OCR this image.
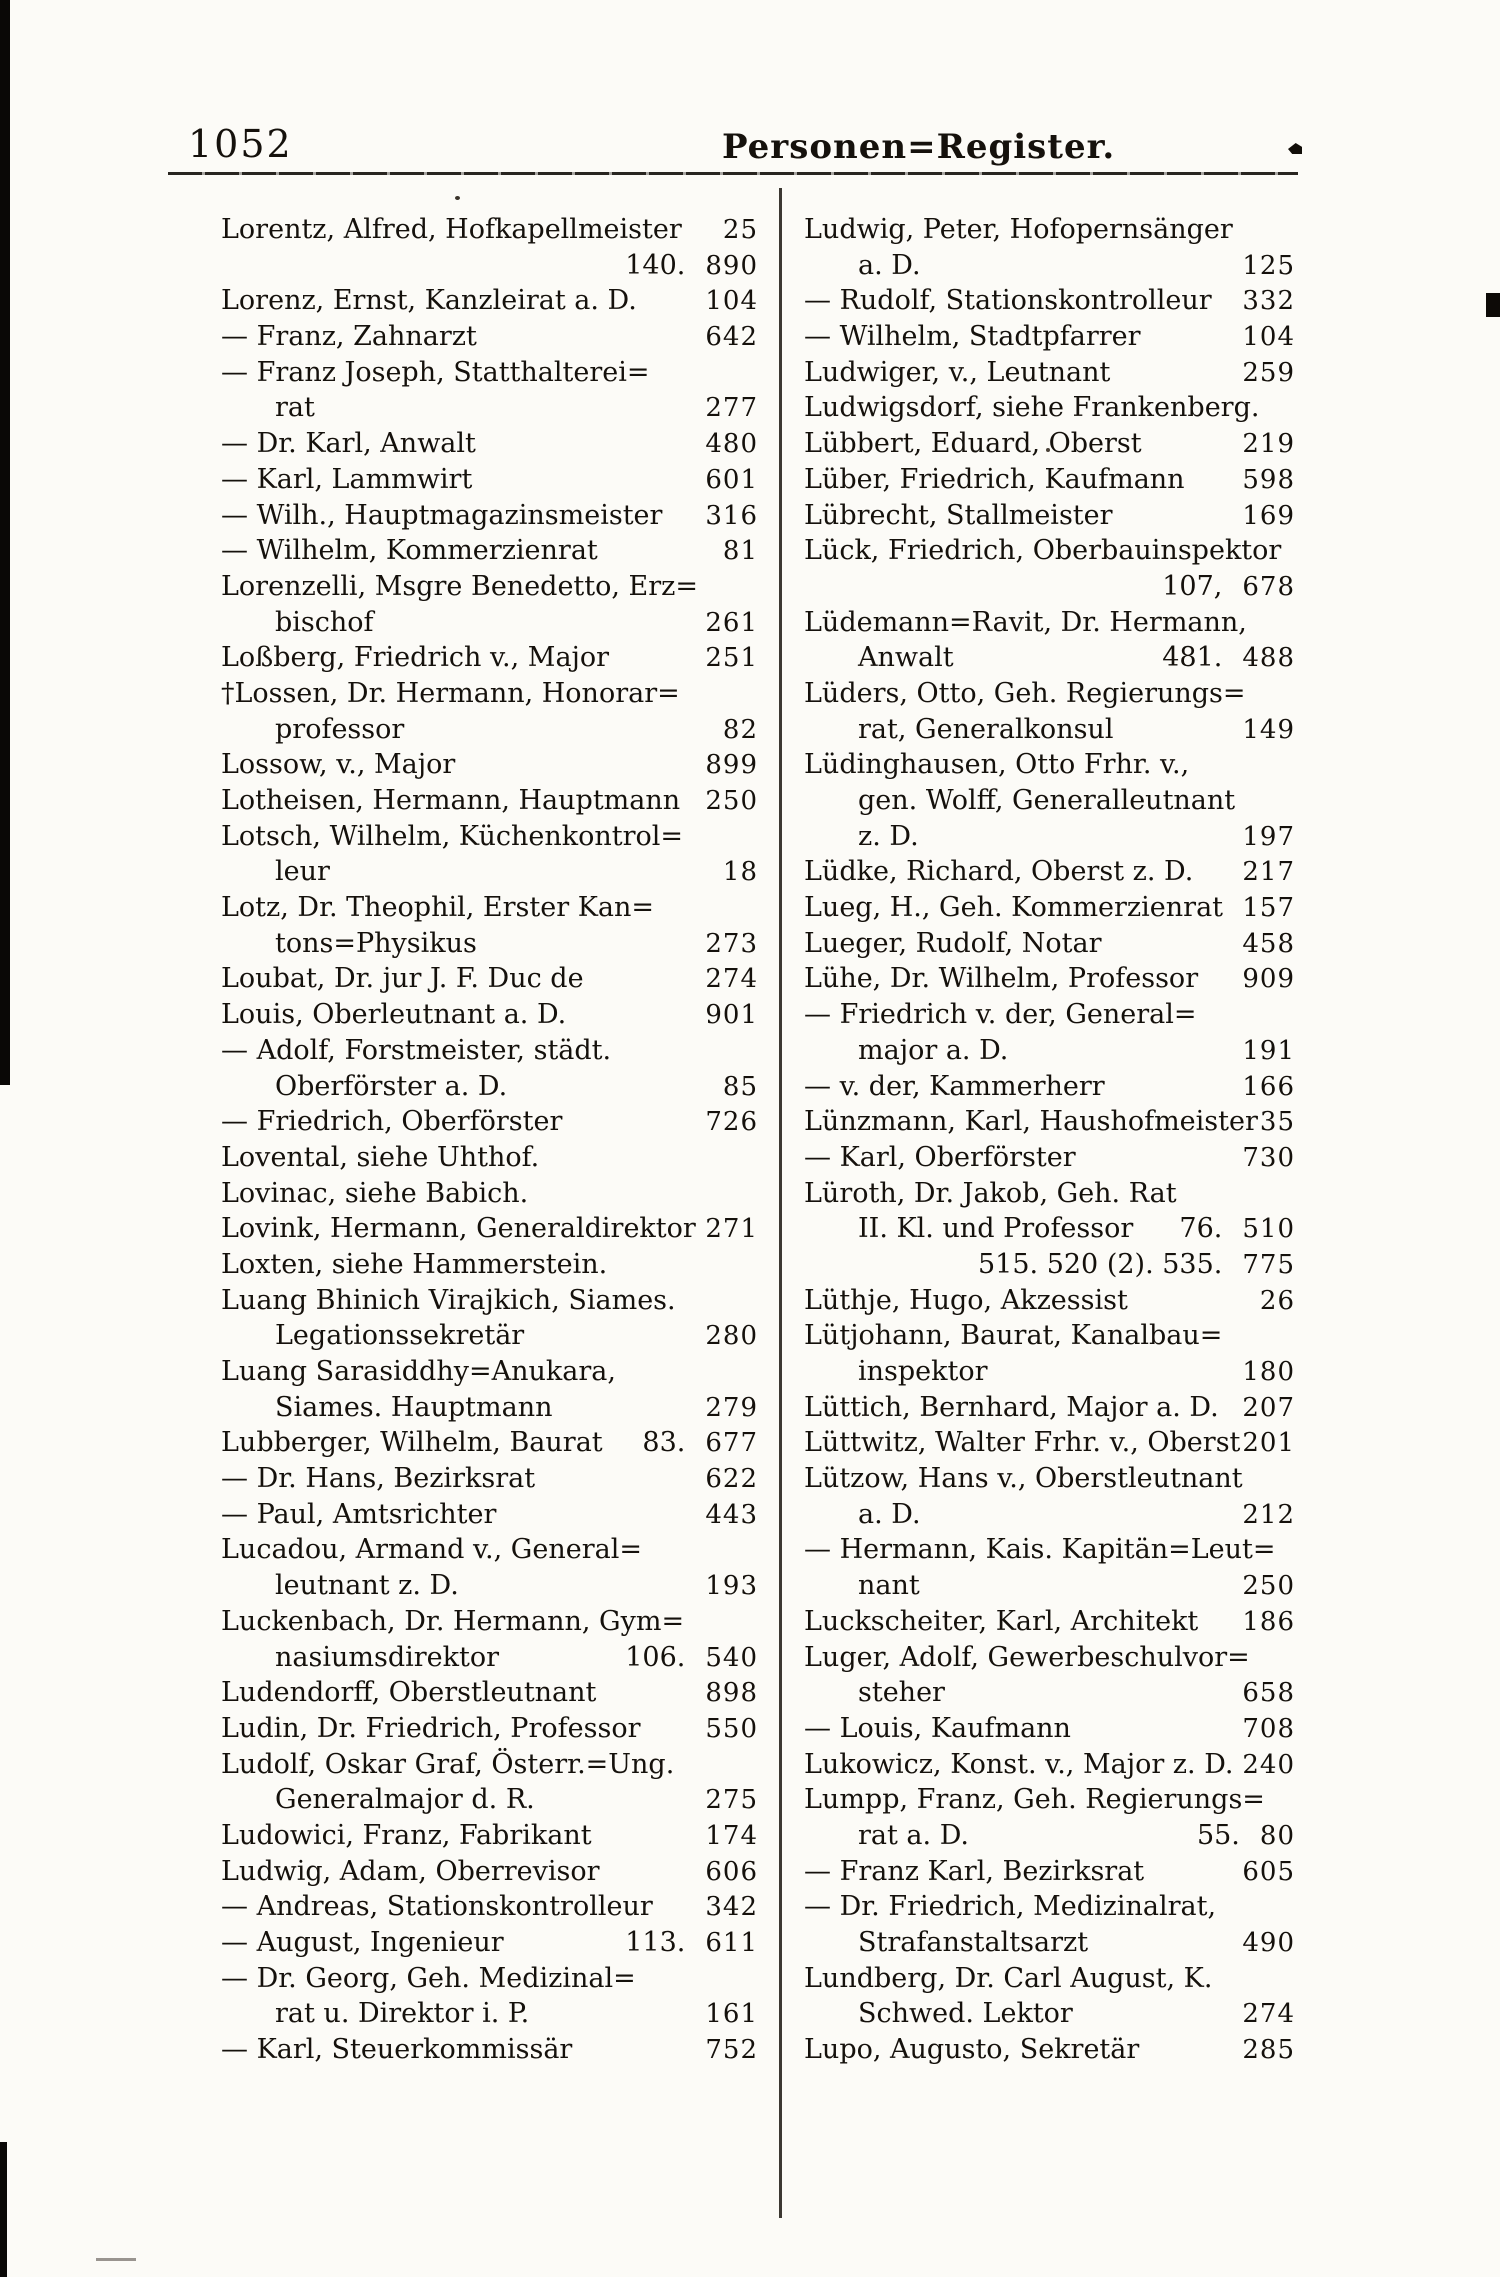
1052	Personen=Register.
Lorentz, Alfred, Hofkapellmeister 25
140. 890
Lorenz, Ernst, Kanzleirat a. D.	104
— Franz, Zahnarzt	642
— Franz Joseph, Statthalterei=
rat	277
— Dr. Karl, Anwalt	480
— Karl, Lammwirt	601
— Wilh., Hauptmagazinsmeister 316
— Wilhelm, Kommerzienrat	81
Lorenzelli, Msgre Benedetto, Erz=
bischof	261
Loßberg, Friedrich v., Major	251
†Lossen, Dr. Hermann, Honorar=
professor	82
Lossow, v., Major	899
Lotheisen, Hermann, Hauptmann 250
Lotsch, Wilhelm, Küchenkontrol=
leur	18
Lotz, Dr. Theophil, Erster Kan=
tons=Physikus	273
Loubat, Dr. jur J. F. Duc de	274
Louis, Oberleutnant a. D.	901
— Adolf, Forstmeister, städt.
Oberförster a. D.	85
— Friedrich, Oberförster	726
Lovental, siehe Uhthof.
Lovinac, siehe Babich.
Lovink, Hermann, Generaldirektor 271
Loxten, siehe Hammerstein.
Luang Bhinich Virajkich, Siames.
Legationssekretär	280
Luang Sarasiddhy=Anukara,
Siames. Hauptmann	279
Lubberger, Wilhelm, Baurat 83. 677
— Dr. Hans, Bezirksrat	622
— Paul, Amtsrichter	443
Lucadou, Armand v., General=
leutnant z. D.	193
Luckenbach, Dr. Hermann, Gym=
nasiumsdirektor	106. 540
Ludendorff, Oberstleutnant	898
Ludin, Dr. Friedrich, Professor 550
Ludolf, Oskar Graf, Österr.=Ung.
Generalmajor d. R.	275
Ludowici, Franz, Fabrikant	174
Ludwig, Adam, Oberrevisor	606
— Andreas, Stationskontrolleur 342
— August, Ingenieur	113. 611
— Dr. Georg, Geh. Medizinal=
rat u. Direktor i. P.	161
— Karl, Steuerkommissär	752
Ludwig, Peter, Hofopernsänger
a. D.	125
— Rudolf, Stationskontrolleur 332
— Wilhelm, Stadtpfarrer	104
Ludwiger, v., Leutnant	259
Ludwigsdorf, siehe Frankenberg.
Lübbert, Eduard, Oberst	219
Lüber, Friedrich, Kaufmann 598
Lübrecht, Stallmeister	169
Lück, Friedrich, Oberbauinspektor
107, 678
Lüdemann=Ravit, Dr. Hermann,
Anwalt	481. 488
Lüders, Otto, Geh. Regierungs=
rat, Generalkonsul	149
Lüdinghausen, Otto Frhr. v.,
gen. Wolff, Generalleutnant
z. D.	197
Lüdke, Richard, Oberst z. D. 217
Lueg, H., Geh. Kommerzienrat 157
Lueger, Rudolf, Notar	458
Lühe, Dr. Wilhelm, Professor 909
— Friedrich v. der, General=
major a. D.	191
— v. der, Kammerherr	166
Lünzmann, Karl, Haushofmeister 35
— Karl, Oberförster	730
Lüroth, Dr. Jakob, Geh. Rat
II. Kl. und Professor 76. 510
515. 520 (2). 535. 775
Lüthje, Hugo, Akzessist	26
Lütjohann, Baurat, Kanalbau=
inspektor	180
Lüttich, Bernhard, Major a. D. 207
Lüttwitz, Walter Frhr. v., Oberst 201
Lützow, Hans v., Oberstleutnant
a. D.	212
— Hermann, Kais. Kapitän=Leut=
nant	250
Luckscheiter, Karl, Architekt 186
Luger, Adolf, Gewerbeschulvor=
steher	658
— Louis, Kaufmann	708
Lukowicz, Konst. v., Major z. D. 240
Lumpp, Franz, Geh. Regierungs=
rat a. D.	55. 80
— Franz Karl, Bezirksrat	605
— Dr. Friedrich, Medizinalrat,
Strafanstaltsarzt	490
Lundberg, Dr. Carl August, K.
Schwed. Lektor	274
Lupo, Augusto, Sekretär	285
